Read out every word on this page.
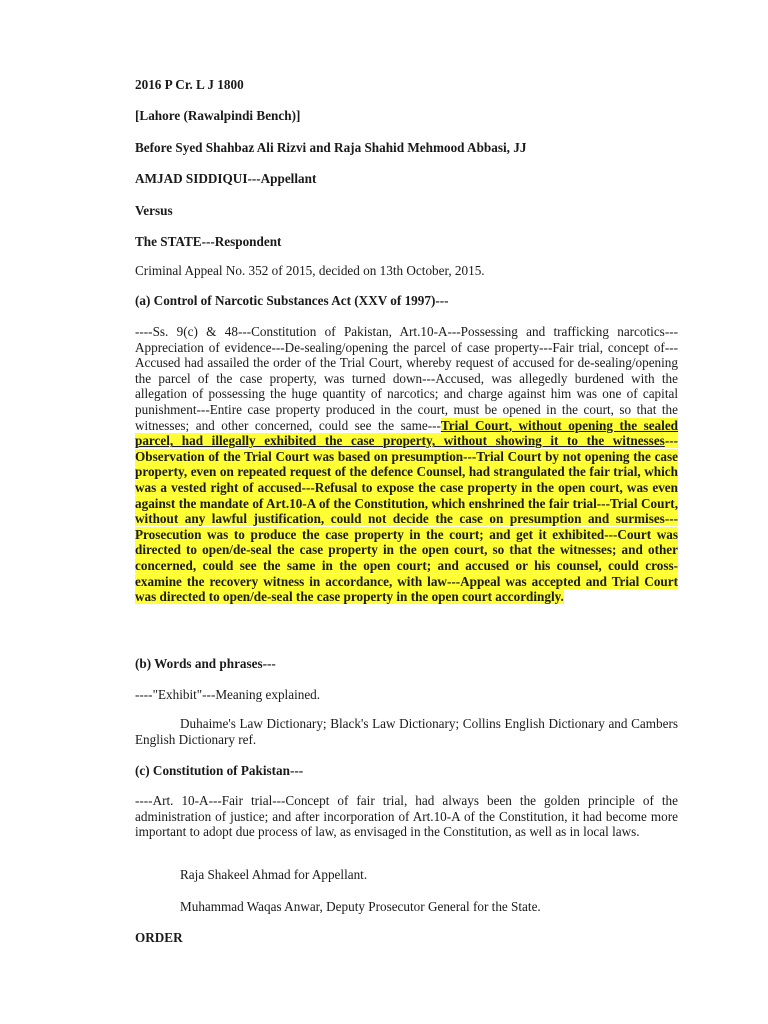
2016 P Cr. L J 1800
[Lahore (Rawalpindi Bench)]
Before Syed Shahbaz Ali Rizvi and Raja Shahid Mehmood Abbasi, JJ
AMJAD SIDDIQUI---Appellant
Versus
The STATE---Respondent
Criminal Appeal No. 352 of 2015, decided on 13th October, 2015.
(a) Control of Narcotic Substances Act (XXV of 1997)---

----Ss. 9(c) & 48---Constitution of Pakistan, Art.10-A---Possessing and trafficking narcotics---Appreciation of evidence---De-sealing/opening the parcel of case property---Fair trial, concept of---Accused had assailed the order of the Trial Court, whereby request of accused for de-sealing/opening the parcel of the case property, was turned down---Accused, was allegedly burdened with the allegation of possessing the huge quantity of narcotics; and charge against him was one of capital punishment---Entire case property produced in the court, must be opened in the court, so that the witnesses; and other concerned, could see the same---Trial Court, without opening the sealed parcel, had illegally exhibited the case property, without showing it to the witnesses---Observation of the Trial Court was based on presumption---Trial Court by not opening the case property, even on repeated request of the defence Counsel, had strangulated the fair trial, which was a vested right of accused---Refusal to expose the case property in the open court, was even against the mandate of Art.10-A of the Constitution, which enshrined the fair trial---Trial Court, without any lawful justification, could not decide the case on presumption and surmises---Prosecution was to produce the case property in the court; and get it exhibited---Court was directed to open/de-seal the case property in the open court, so that the witnesses; and other concerned, could see the same in the open court; and accused or his counsel, could cross-examine the recovery witness in accordance, with law---Appeal was accepted and Trial Court was directed to open/de-seal the case property in the open court accordingly.

(b) Words and phrases---
----"Exhibit"---Meaning explained.

Duhaime's Law Dictionary; Black's Law Dictionary; Collins English Dictionary and Cambers English Dictionary ref.

(c) Constitution of Pakistan---

----Art. 10-A---Fair trial---Concept of fair trial, had always been the golden principle of the administration of justice; and after incorporation of Art.10-A of the Constitution, it had become more important to adopt due process of law, as envisaged in the Constitution, as well as in local laws.

Raja Shakeel Ahmad for Appellant.
Muhammad Waqas Anwar, Deputy Prosecutor General for the State.
ORDER
